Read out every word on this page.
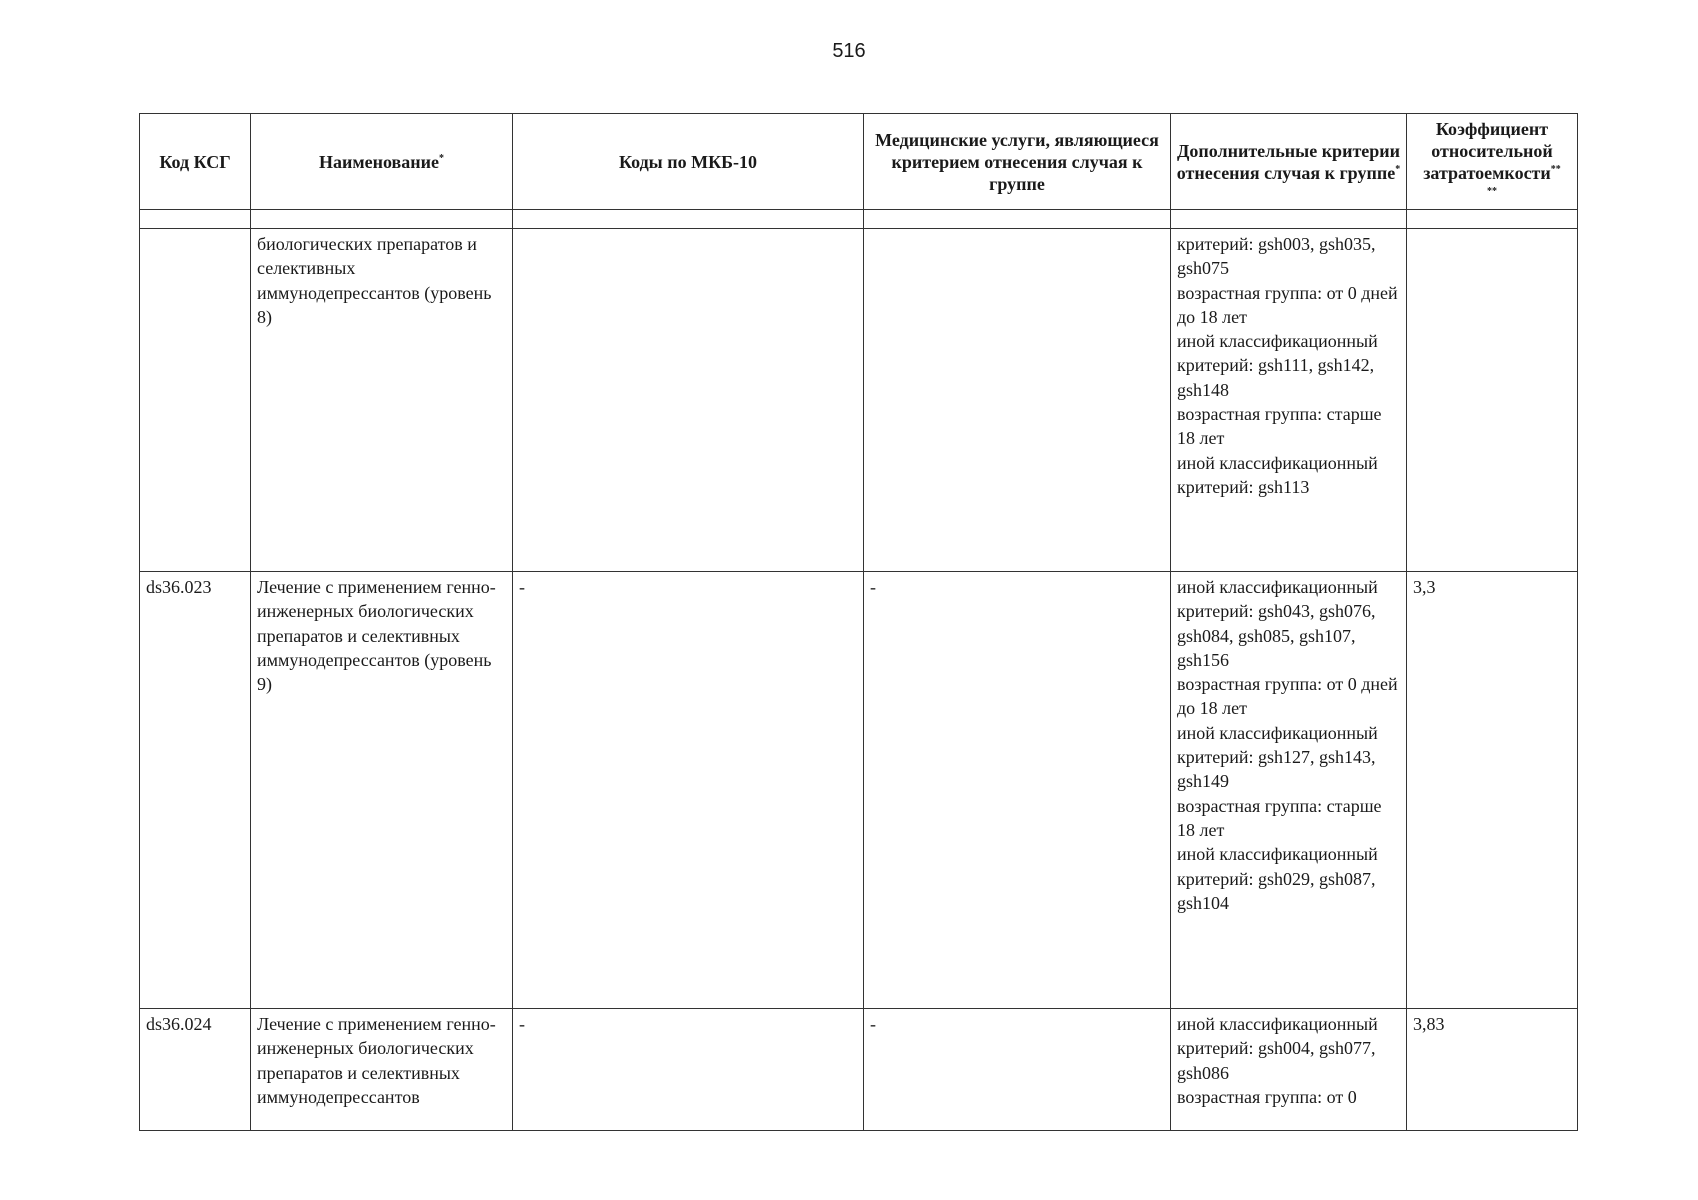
516
Код КСГ	Наименование*	Коды по МКБ-10	Медицинские услуги, являющиеся критерием отнесения случая к группе	Дополнительные критерии отнесения случая к группе*	Коэффициент относительной затратоемкости**
**

	биологических препаратов и селективных иммунодепрессантов (уровень 8)			критерий: gsh003, gsh035, gsh075
возрастная группа: от 0 дней до 18 лет
иной классификационный критерий: gsh111, gsh142, gsh148
возрастная группа: старше 18 лет
иной классификационный критерий: gsh113	
ds36.023	Лечение с применением генно-инженерных биологических препаратов и селективных иммунодепрессантов (уровень 9)	-	-	иной классификационный критерий: gsh043, gsh076, gsh084, gsh085, gsh107, gsh156
возрастная группа: от 0 дней до 18 лет
иной классификационный критерий: gsh127, gsh143, gsh149
возрастная группа: старше 18 лет
иной классификационный критерий: gsh029, gsh087, gsh104	3,3
ds36.024	Лечение с применением генно-инженерных биологических препаратов и селективных иммунодепрессантов	-	-	иной классификационный критерий: gsh004, gsh077, gsh086
возрастная группа: от 0	3,83
